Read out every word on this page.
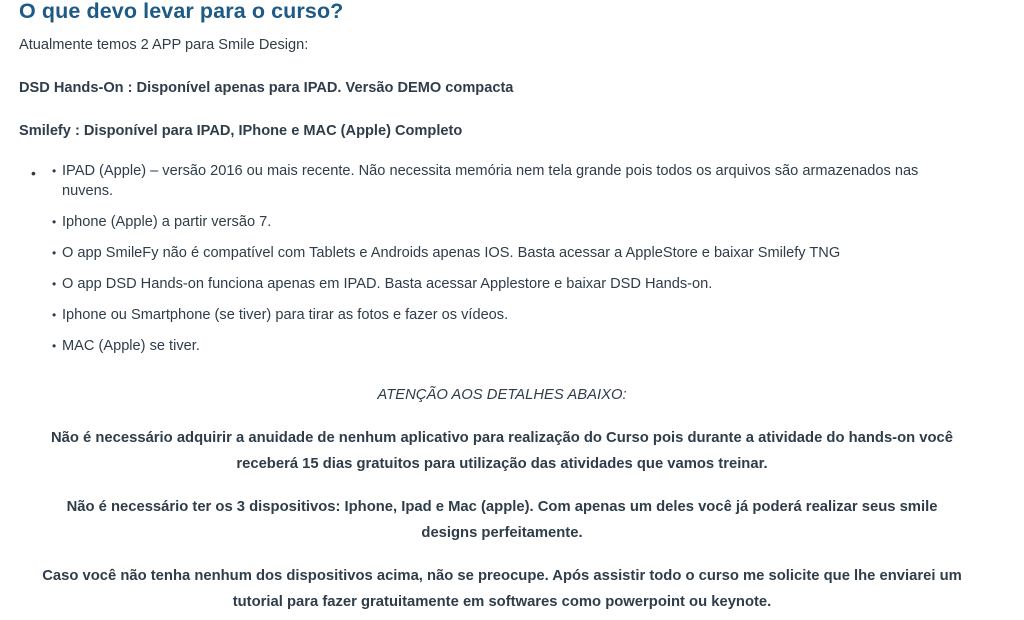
O que devo levar para o curso?

Atualmente temos 2 APP para Smile Design:

DSD Hands-On : Disponível apenas para IPAD. Versão DEMO compacta

Smilefy : Disponível para IPAD, IPhone e MAC (Apple) Completo

• • IPAD (Apple) – versão 2016 ou mais recente. Não necessita memória nem tela grande pois todos os arquivos são armazenados nas
nuvens.
• Iphone (Apple) a partir versão 7.
• O app SmileFy não é compatível com Tablets e Androids apenas IOS. Basta acessar a AppleStore e baixar Smilefy TNG
• O app DSD Hands-on funciona apenas em IPAD. Basta acessar Applestore e baixar DSD Hands-on.
• Iphone ou Smartphone (se tiver) para tirar as fotos e fazer os vídeos.
• MAC (Apple) se tiver.

ATENÇÃO AOS DETALHES ABAIXO:

Não é necessário adquirir a anuidade de nenhum aplicativo para realização do Curso pois durante a atividade do hands-on você
receberá 15 dias gratuitos para utilização das atividades que vamos treinar.

Não é necessário ter os 3 dispositivos: Iphone, Ipad e Mac (apple). Com apenas um deles você já poderá realizar seus smile
designs perfeitamente.

Caso você não tenha nenhum dos dispositivos acima, não se preocupe. Após assistir todo o curso me solicite que lhe enviarei um
tutorial para fazer gratuitamente em softwares como powerpoint ou keynote.
